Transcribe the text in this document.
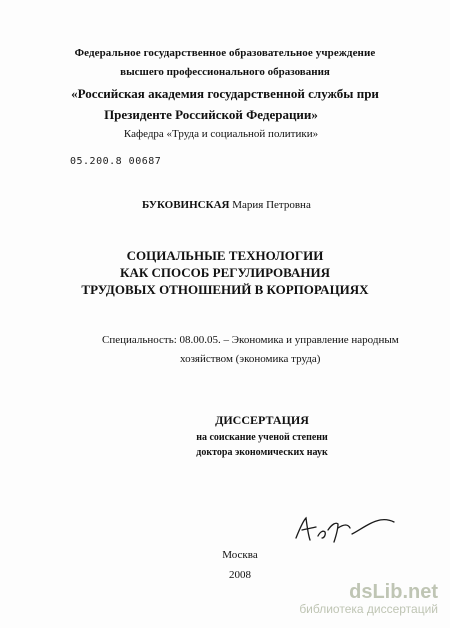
Федеральное государственное образовательное учреждение
высшего профессионального образования
«Российская академия государственной службы при
Президенте Российской Федерации»
Кафедра «Труда и социальной политики»
05.200.8 00687
БУКОВИНСКАЯ Мария Петровна
СОЦИАЛЬНЫЕ ТЕХНОЛОГИИ
КАК СПОСОБ РЕГУЛИРОВАНИЯ
ТРУДОВЫХ ОТНОШЕНИЙ В КОРПОРАЦИЯХ
Специальность: 08.00.05. – Экономика и управление народным
хозяйством (экономика труда)
ДИССЕРТАЦИЯ
на соискание ученой степени
доктора экономических наук
Москва
2008
dsLib.net
библиотека диссертаций
